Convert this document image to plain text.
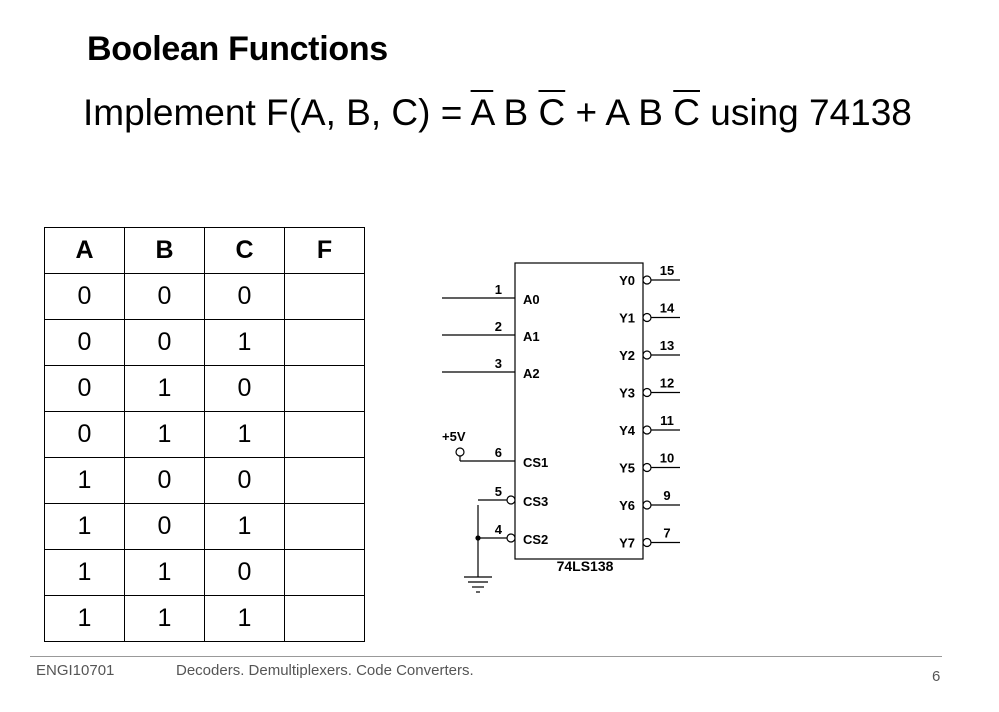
Boolean Functions
Implement F(A, B, $C) = \overline{A}$ B $\overline{C} + A$ B $\overline{C}$ using 74138
A	B	C	F
0	0	0	
0	0	1	
0	1	0	
0	1	1	
1	0	0	
1	0	1	
1	1	0	
1	1	1	
74LS138
1
A0
2
A1
3
A2
6
CS1
5
CS3
4
CS2
Y0
15
Y1
14
Y2
13
Y3
12
Y4
11
Y5
10
Y6
9
Y7
7
+5V
ENGI10701	Decoders. Demultiplexers. Code Converters.	6
